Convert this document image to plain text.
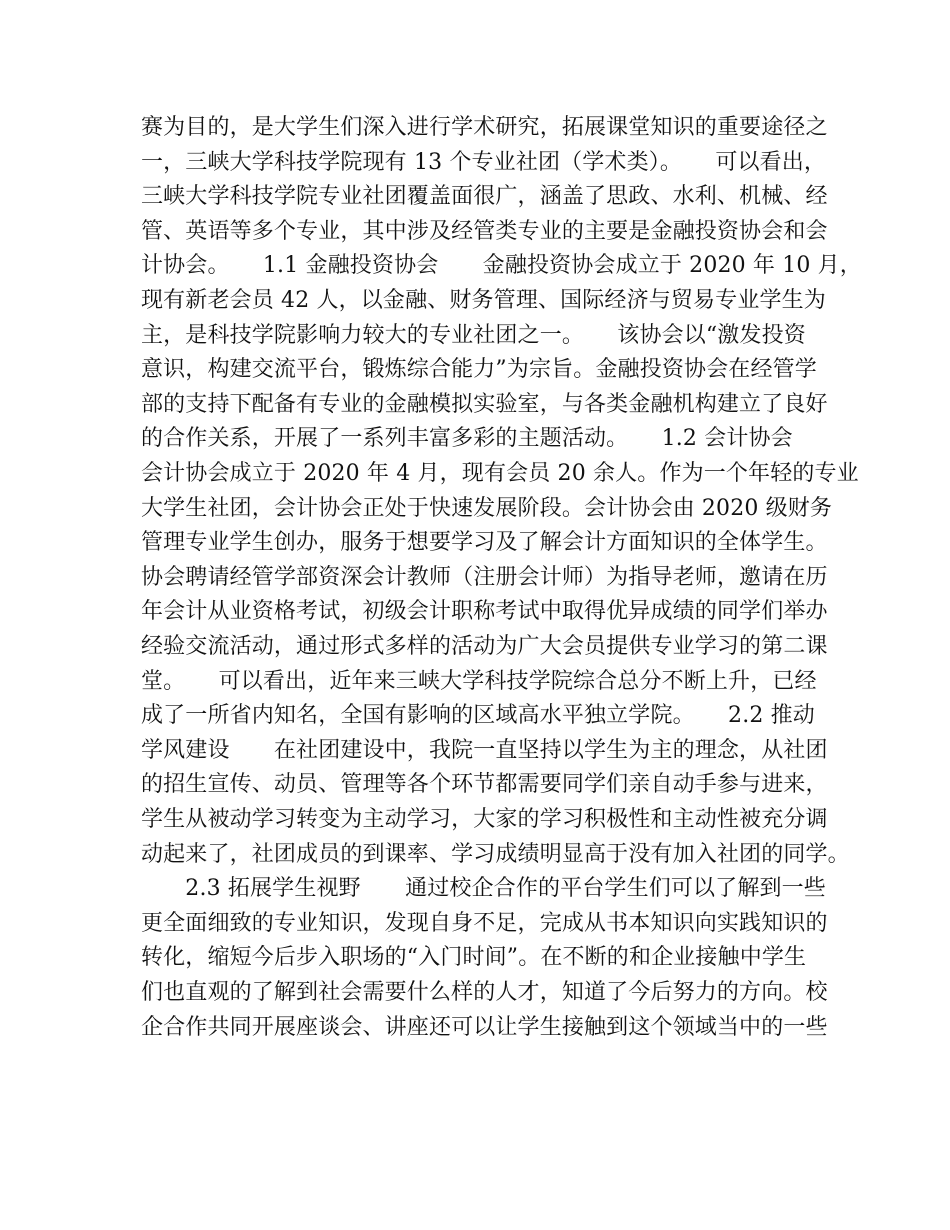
赛为目的，是大学生们深入进行学术研究，拓展课堂知识的重要途径之
一，三峡大学科技学院现有 13 个专业社团（学术类）。　　可以看出，
三峡大学科技学院专业社团覆盖面很广，涵盖了思政、水利、机械、经
管、英语等多个专业，其中涉及经管类专业的主要是金融投资协会和会
计协会。　　1.1 金融投资协会　　金融投资协会成立于 2020 年 10 月，
现有新老会员 42 人，以金融、财务管理、国际经济与贸易专业学生为
主，是科技学院影响力较大的专业社团之一。　　该协会以“激发投资
意识，构建交流平台，锻炼综合能力”为宗旨。金融投资协会在经管学
部的支持下配备有专业的金融模拟实验室，与各类金融机构建立了良好
的合作关系，开展了一系列丰富多彩的主题活动。　　1.2 会计协会
会计协会成立于 2020 年 4 月，现有会员 20 余人。作为一个年轻的专业
大学生社团，会计协会正处于快速发展阶段。会计协会由 2020 级财务
管理专业学生创办，服务于想要学习及了解会计方面知识的全体学生。
协会聘请经管学部资深会计教师（注册会计师）为指导老师，邀请在历
年会计从业资格考试，初级会计职称考试中取得优异成绩的同学们举办
经验交流活动，通过形式多样的活动为广大会员提供专业学习的第二课
堂。　　可以看出，近年来三峡大学科技学院综合总分不断上升，已经
成了一所省内知名，全国有影响的区域高水平独立学院。　　2.2 推动
学风建设　　在社团建设中，我院一直坚持以学生为主的理念，从社团
的招生宣传、动员、管理等各个环节都需要同学们亲自动手参与进来，
学生从被动学习转变为主动学习，大家的学习积极性和主动性被充分调
动起来了，社团成员的到课率、学习成绩明显高于没有加入社团的同学。
　　2.3 拓展学生视野　　通过校企合作的平台学生们可以了解到一些
更全面细致的专业知识，发现自身不足，完成从书本知识向实践知识的
转化，缩短今后步入职场的“入门时间”。在不断的和企业接触中学生
们也直观的了解到社会需要什么样的人才，知道了今后努力的方向。校
企合作共同开展座谈会、讲座还可以让学生接触到这个领域当中的一些
